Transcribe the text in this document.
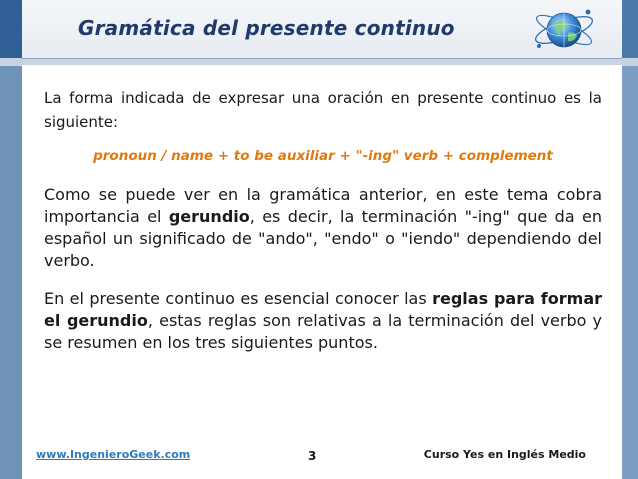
Gramática del presente continuo

La forma indicada de expresar una oración en presente continuo es la siguiente:

pronoun / name + to be auxiliar + "-ing" verb + complement

Como se puede ver en la gramática anterior, en este tema cobra importancia el gerundio, es decir, la terminación "-ing" que da en español un significado de "ando", "endo" o "iendo" dependiendo del verbo.

En el presente continuo es esencial conocer las reglas para formar el gerundio, estas reglas son relativas a la terminación del verbo y se resumen en los tres siguientes puntos.

www.IngenieroGeek.com	3	Curso Yes en Inglés Medio
